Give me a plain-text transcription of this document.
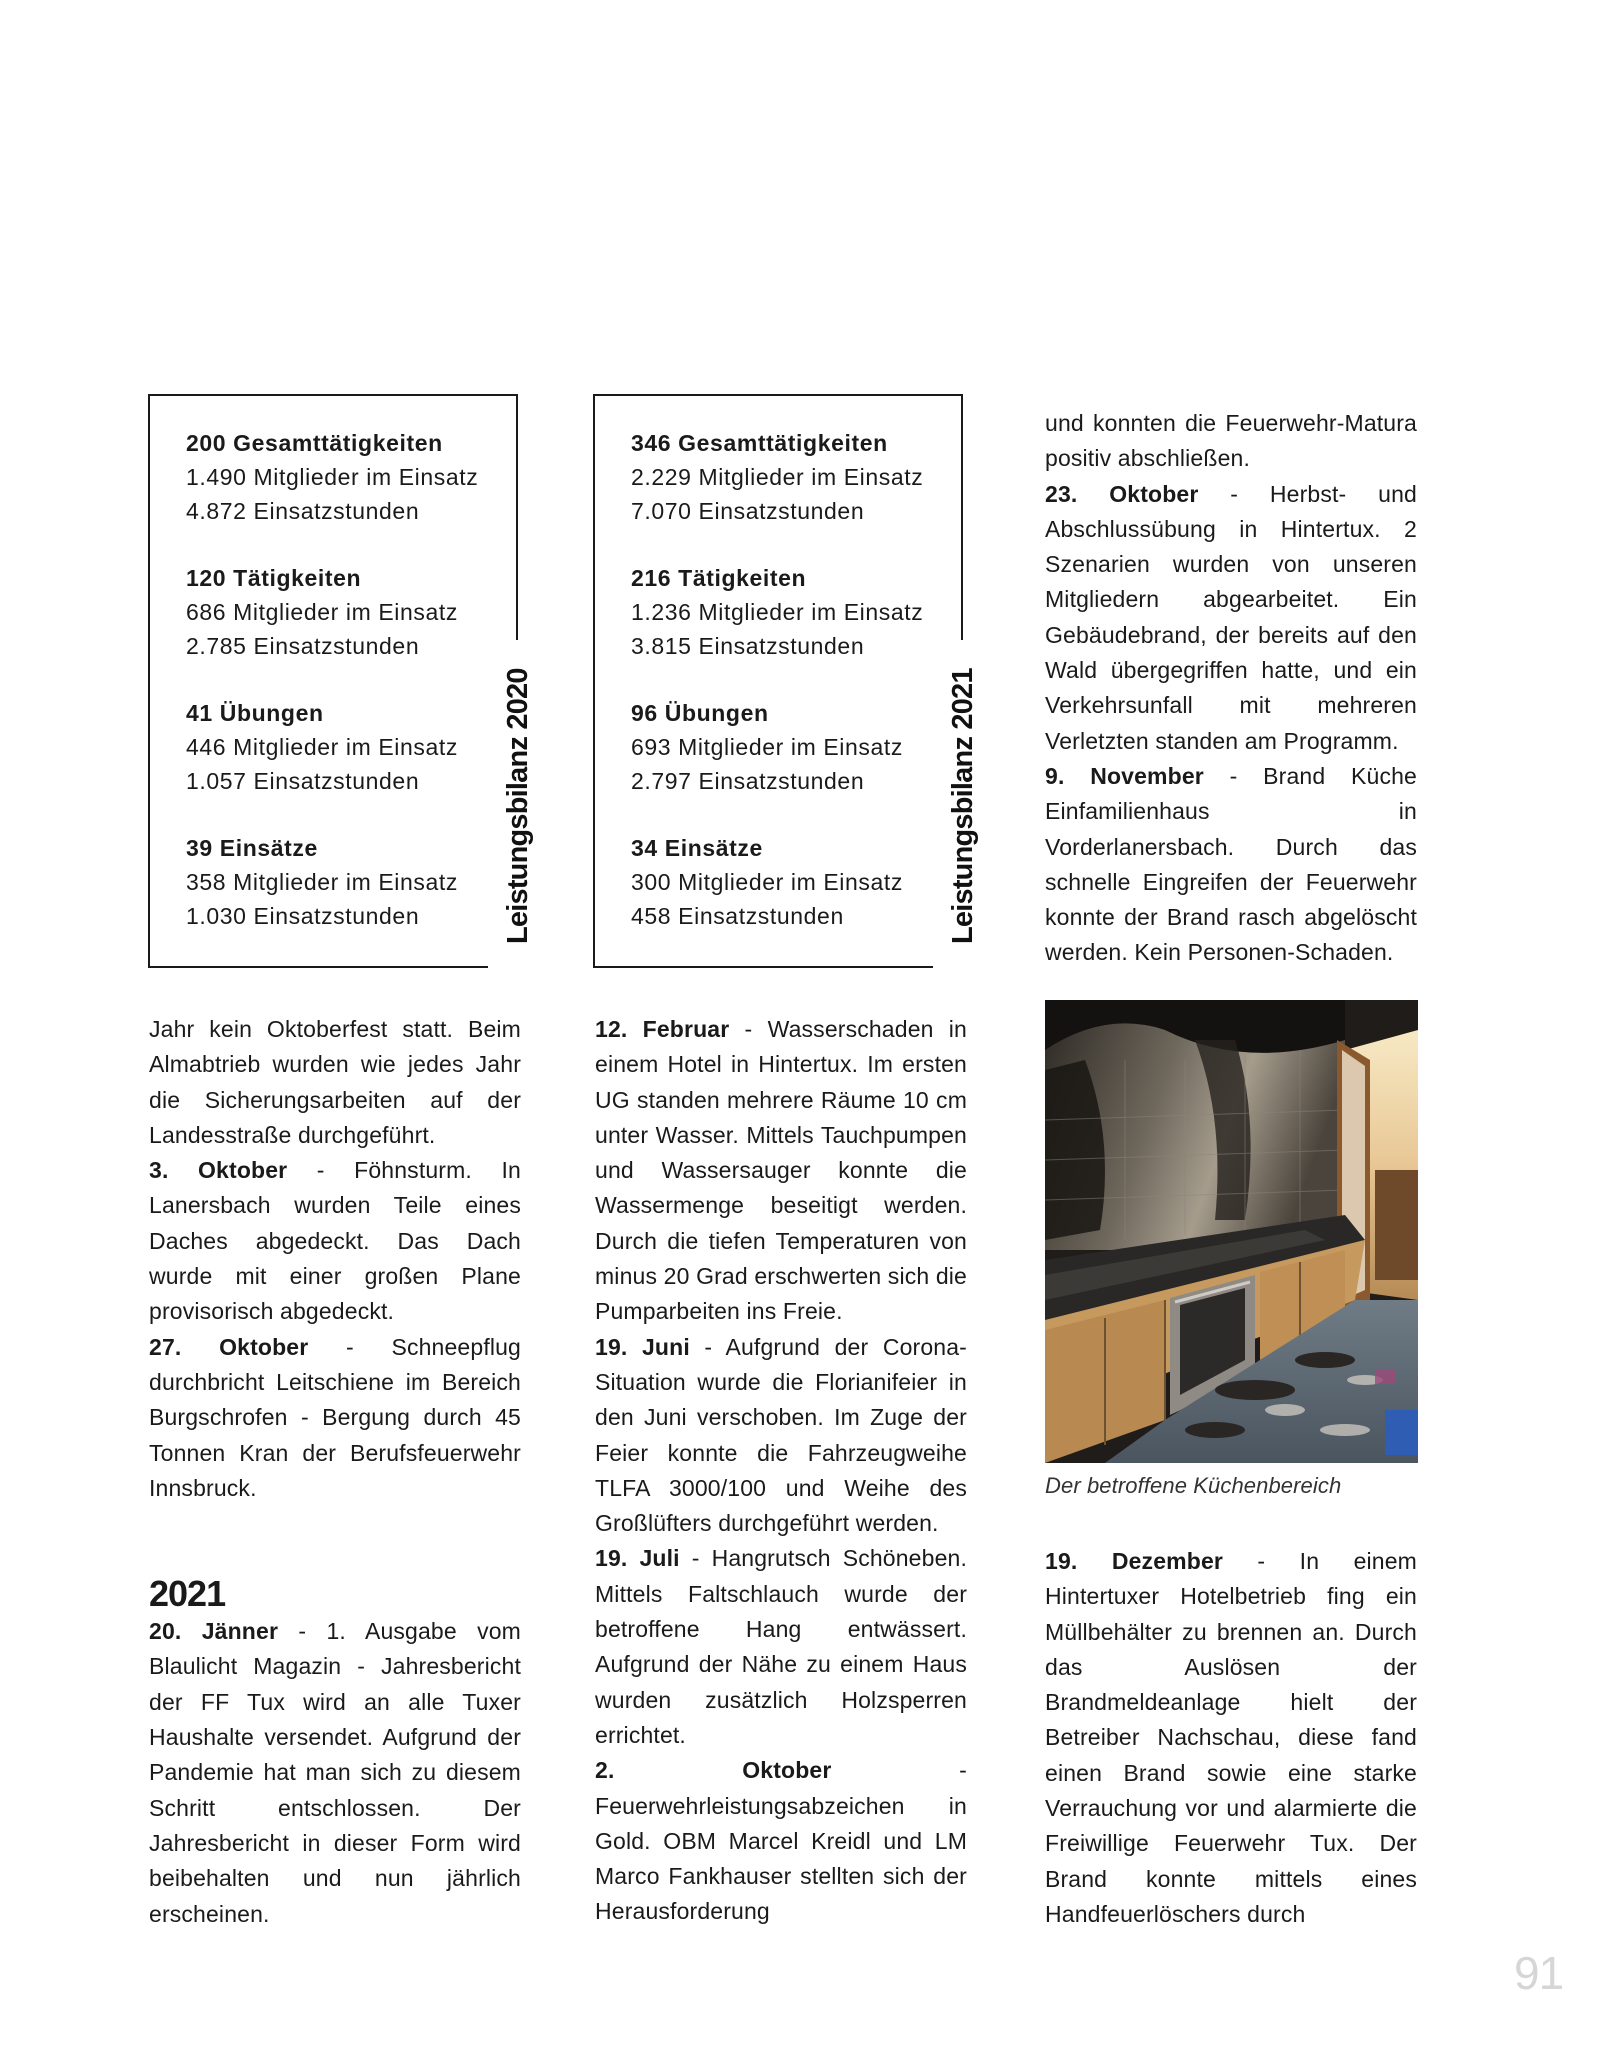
200 Gesamttätigkeiten
1.490 Mitglieder im Einsatz
4.872 Einsatzstunden
120 Tätigkeiten
686 Mitglieder im Einsatz
2.785 Einsatzstunden
41 Übungen
446 Mitglieder im Einsatz
1.057 Einsatzstunden
39 Einsätze
358 Mitglieder im Einsatz
1.030 Einsatzstunden	Leistungsbilanz 2020
346 Gesamttätigkeiten
2.229 Mitglieder im Einsatz
7.070 Einsatzstunden
216 Tätigkeiten
1.236 Mitglieder im Einsatz
3.815 Einsatzstunden
96 Übungen
693 Mitglieder im Einsatz
2.797 Einsatzstunden
34 Einsätze
300 Mitglieder im Einsatz
458 Einsatzstunden	Leistungsbilanz 2021

und konnten die Feuerwehr-Matura positiv abschließen.

23. Oktober - Herbst- und Abschlussübung in Hintertux. 2 Szenarien wurden von unseren Mitgliedern abgearbeitet. Ein Gebäudebrand, der bereits auf den Wald übergegriffen hatte, und ein Verkehrsunfall mit mehreren Verletzten standen am Programm.

9. November - Brand Küche Einfamilienhaus in Vorderlanersbach. Durch das schnelle Eingreifen der Feuerwehr konnte der Brand rasch abgelöscht werden. Kein Personen-Schaden.

Jahr kein Oktoberfest statt. Beim Almabtrieb wurden wie jedes Jahr die Sicherungsarbeiten auf der Landesstraße durchgeführt.

3. Oktober - Föhnsturm. In Lanersbach wurden Teile eines Daches abgedeckt. Das Dach wurde mit einer großen Plane provisorisch abgedeckt.

27. Oktober - Schneepflug durchbricht Leitschiene im Bereich Burgschrofen - Bergung durch 45 Tonnen Kran der Berufsfeuerwehr Innsbruck.

2021

20. Jänner - 1. Ausgabe vom Blaulicht Magazin - Jahresbericht der FF Tux wird an alle Tuxer Haushalte versendet. Aufgrund der Pandemie hat man sich zu diesem Schritt entschlossen. Der Jahresbericht in dieser Form wird beibehalten und nun jährlich erscheinen.

12. Februar - Wasserschaden in einem Hotel in Hintertux. Im ersten UG standen mehrere Räume 10 cm unter Wasser. Mittels Tauchpumpen und Wassersauger konnte die Wassermenge beseitigt werden. Durch die tiefen Temperaturen von minus 20 Grad erschwerten sich die Pumparbeiten ins Freie.

19. Juni - Aufgrund der Corona-Situation wurde die Florianifeier in den Juni verschoben. Im Zuge der Feier konnte die Fahrzeugweihe TLFA 3000/100 und Weihe des Großlüfters durchgeführt werden.

19. Juli - Hangrutsch Schöneben. Mittels Faltschlauch wurde der betroffene Hang entwässert. Aufgrund der Nähe zu einem Haus wurden zusätzlich Holzsperren errichtet.

2. Oktober - Feuerwehrleistungsabzeichen in Gold. OBM Marcel Kreidl und LM Marco Fankhauser stellten sich der Herausforderung

Der betroffene Küchenbereich

19. Dezember - In einem Hintertuxer Hotelbetrieb fing ein Müllbehälter zu brennen an. Durch das Auslösen der Brandmeldeanlage hielt der Betreiber Nachschau, diese fand einen Brand sowie eine starke Verrauchung vor und alarmierte die Freiwillige Feuerwehr Tux. Der Brand konnte mittels eines Handfeuerlöschers durch

91
